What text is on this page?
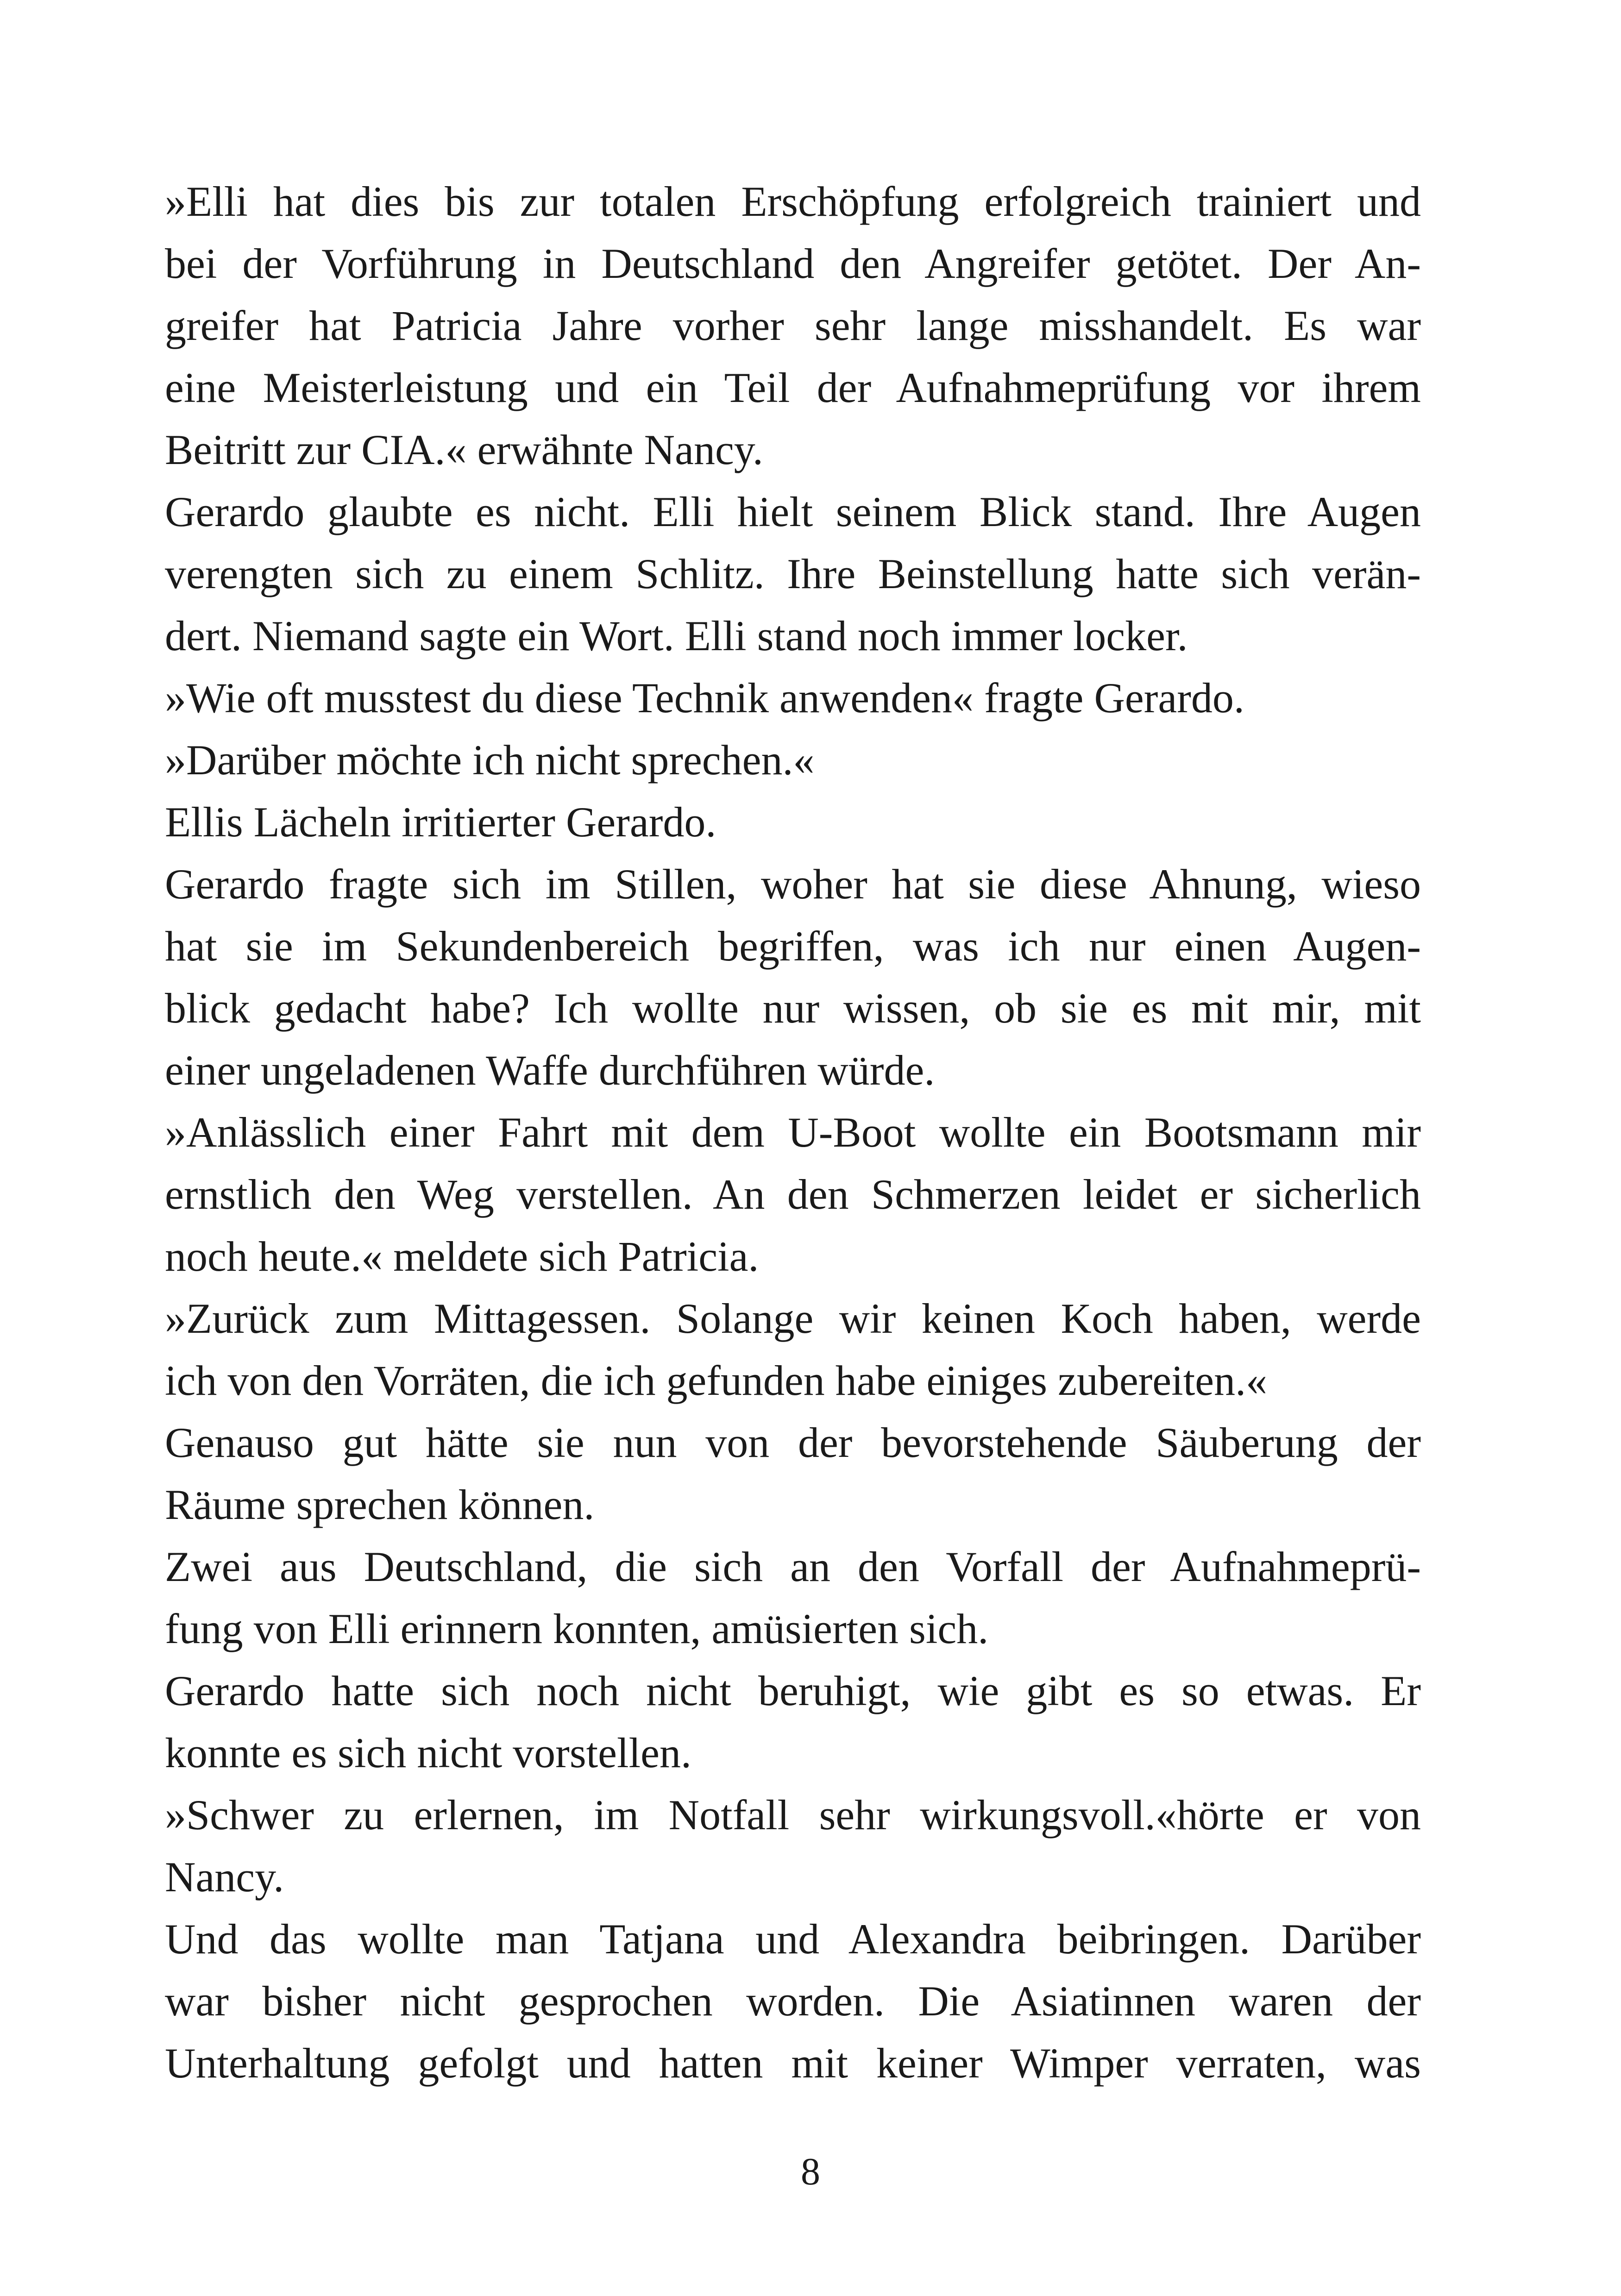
»Elli hat dies bis zur totalen Erschöpfung erfolgreich trainiert und
bei der Vorführung in Deutschland den Angreifer getötet. Der An-
greifer hat Patricia Jahre vorher sehr lange misshandelt. Es war
eine Meisterleistung und ein Teil der Aufnahmeprüfung vor ihrem
Beitritt zur CIA.« erwähnte Nancy.
Gerardo glaubte es nicht. Elli hielt seinem Blick stand. Ihre Augen
verengten sich zu einem Schlitz. Ihre Beinstellung hatte sich verän-
dert. Niemand sagte ein Wort. Elli stand noch immer locker.
»Wie oft musstest du diese Technik anwenden« fragte Gerardo.
»Darüber möchte ich nicht sprechen.«
Ellis Lächeln irritierter Gerardo.
Gerardo fragte sich im Stillen, woher hat sie diese Ahnung, wieso
hat sie im Sekundenbereich begriffen, was ich nur einen Augen-
blick gedacht habe? Ich wollte nur wissen, ob sie es mit mir, mit
einer ungeladenen Waffe durchführen würde.
»Anlässlich einer Fahrt mit dem U-Boot wollte ein Bootsmann mir
ernstlich den Weg verstellen. An den Schmerzen leidet er sicherlich
noch heute.« meldete sich Patricia.
»Zurück zum Mittagessen. Solange wir keinen Koch haben, werde
ich von den Vorräten, die ich gefunden habe einiges zubereiten.«
Genauso gut hätte sie nun von der bevorstehende Säuberung der
Räume sprechen können.
Zwei aus Deutschland, die sich an den Vorfall der Aufnahmeprü-
fung von Elli erinnern konnten, amüsierten sich.
Gerardo hatte sich noch nicht beruhigt, wie gibt es so etwas. Er
konnte es sich nicht vorstellen.
»Schwer zu erlernen, im Notfall sehr wirkungsvoll.«hörte er von
Nancy.
Und das wollte man Tatjana und Alexandra beibringen. Darüber
war bisher nicht gesprochen worden. Die Asiatinnen waren der
Unterhaltung gefolgt und hatten mit keiner Wimper verraten, was
8
